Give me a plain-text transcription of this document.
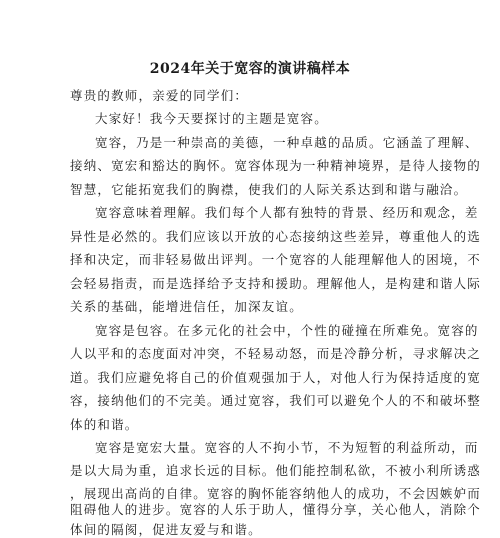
2024年关于宽容的演讲稿样本
尊贵的教师，亲爱的同学们：
大家好！我今天要探讨的主题是宽容。
宽容，乃是一种崇高的美德，一种卓越的品质。它涵盖了理解、
接纳、宽宏和豁达的胸怀。宽容体现为一种精神境界，是待人接物的
智慧，它能拓宽我们的胸襟，使我们的人际关系达到和谐与融洽。
宽容意味着理解。我们每个人都有独特的背景、经历和观念，差
异性是必然的。我们应该以开放的心态接纳这些差异，尊重他人的选
择和决定，而非轻易做出评判。一个宽容的人能理解他人的困境，不
会轻易指责，而是选择给予支持和援助。理解他人，是构建和谐人际
关系的基础，能增进信任，加深友谊。
宽容是包容。在多元化的社会中，个性的碰撞在所难免。宽容的
人以平和的态度面对冲突，不轻易动怒，而是冷静分析，寻求解决之
道。我们应避免将自己的价值观强加于人，对他人行为保持适度的宽
容，接纳他们的不完美。通过宽容，我们可以避免个人的不和破坏整
体的和谐。
宽容是宽宏大量。宽容的人不拘小节，不为短暂的利益所动，而
是以大局为重，追求长远的目标。他们能控制私欲，不被小利所诱惑
，展现出高尚的自律。宽容的胸怀能容纳他人的成功，不会因嫉妒而
阻碍他人的进步。宽容的人乐于助人，懂得分享，关心他人，消除个
体间的隔阂，促进友爱与和谐。
